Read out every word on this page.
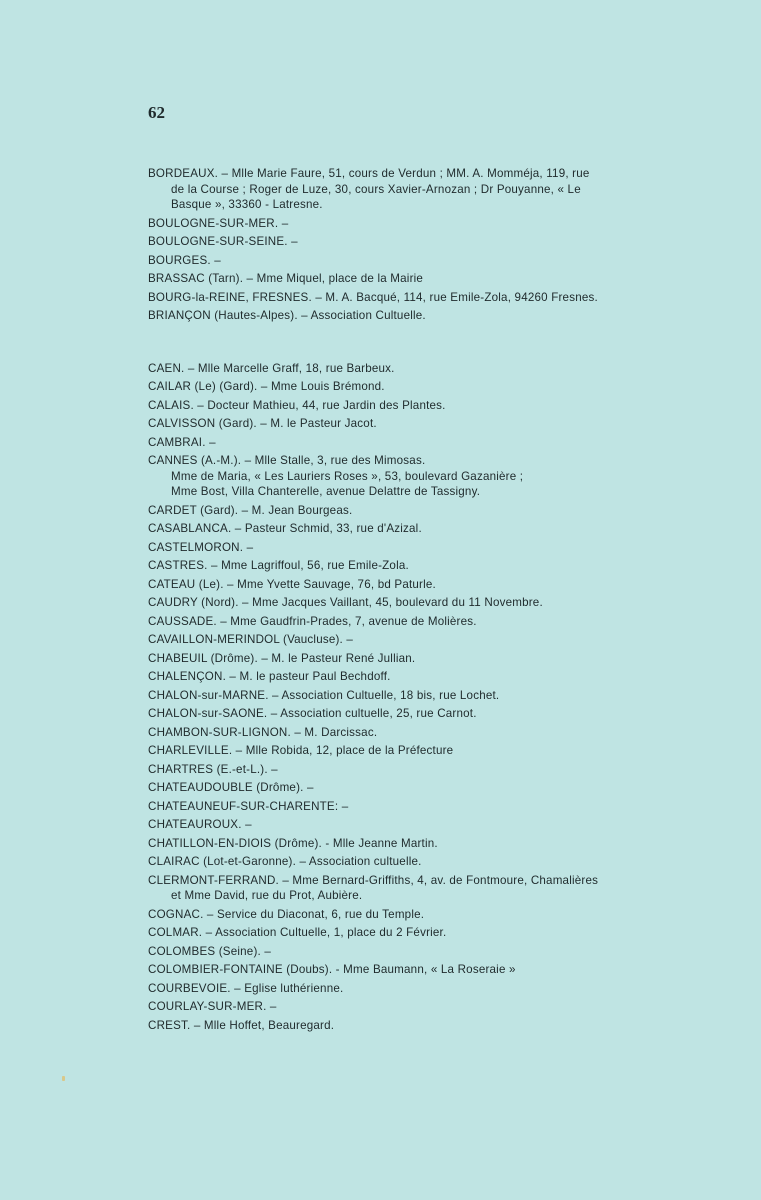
62
BORDEAUX. – Mlle Marie Faure, 51, cours de Verdun ; MM. A. Momméja, 119, rue
de la Course ; Roger de Luze, 30, cours Xavier-Arnozan ; Dr Pouyanne, « Le
Basque », 33360 - Latresne.
BOULOGNE-SUR-MER. –
BOULOGNE-SUR-SEINE. –
BOURGES. –
BRASSAC (Tarn). – Mme Miquel, place de la Mairie
BOURG-la-REINE, FRESNES. – M. A. Bacqué, 114, rue Emile-Zola, 94260 Fresnes.
BRIANÇON (Hautes-Alpes). – Association Cultuelle.
CAEN. – Mlle Marcelle Graff, 18, rue Barbeux.
CAILAR (Le) (Gard). – Mme Louis Brémond.
CALAIS. – Docteur Mathieu, 44, rue Jardin des Plantes.
CALVISSON (Gard). – M. le Pasteur Jacot.
CAMBRAI. –
CANNES (A.-M.). – Mlle Stalle, 3, rue des Mimosas.
Mme de Maria, « Les Lauriers Roses », 53, boulevard Gazanière ;
Mme Bost, Villa Chanterelle, avenue Delattre de Tassigny.
CARDET (Gard). – M. Jean Bourgeas.
CASABLANCA. – Pasteur Schmid, 33, rue d'Azizal.
CASTELMORON. –
CASTRES. – Mme Lagriffoul, 56, rue Emile-Zola.
CATEAU (Le). – Mme Yvette Sauvage, 76, bd Paturle.
CAUDRY (Nord). – Mme Jacques Vaillant, 45, boulevard du 11 Novembre.
CAUSSADE. – Mme Gaudfrin-Prades, 7, avenue de Molières.
CAVAILLON-MERINDOL (Vaucluse). –
CHABEUIL (Drôme). – M. le Pasteur René Jullian.
CHALENÇON. – M. le pasteur Paul Bechdoff.
CHALON-sur-MARNE. – Association Cultuelle, 18 bis, rue Lochet.
CHALON-sur-SAONE. – Association cultuelle, 25, rue Carnot.
CHAMBON-SUR-LIGNON. – M. Darcissac.
CHARLEVILLE. – Mlle Robida, 12, place de la Préfecture
CHARTRES (E.-et-L.). –
CHATEAUDOUBLE (Drôme). –
CHATEAUNEUF-SUR-CHARENTE: –
CHATEAUROUX. –
CHATILLON-EN-DIOIS (Drôme). - Mlle Jeanne Martin.
CLAIRAC (Lot-et-Garonne). – Association cultuelle.
CLERMONT-FERRAND. – Mme Bernard-Griffiths, 4, av. de Fontmoure, Chamalières
et Mme David, rue du Prot, Aubière.
COGNAC. – Service du Diaconat, 6, rue du Temple.
COLMAR. – Association Cultuelle, 1, place du 2 Février.
COLOMBES (Seine). –
COLOMBIER-FONTAINE (Doubs). - Mme Baumann, « La Roseraie »
COURBEVOIE. – Eglise luthérienne.
COURLAY-SUR-MER. –
CREST. – Mlle Hoffet, Beauregard.
